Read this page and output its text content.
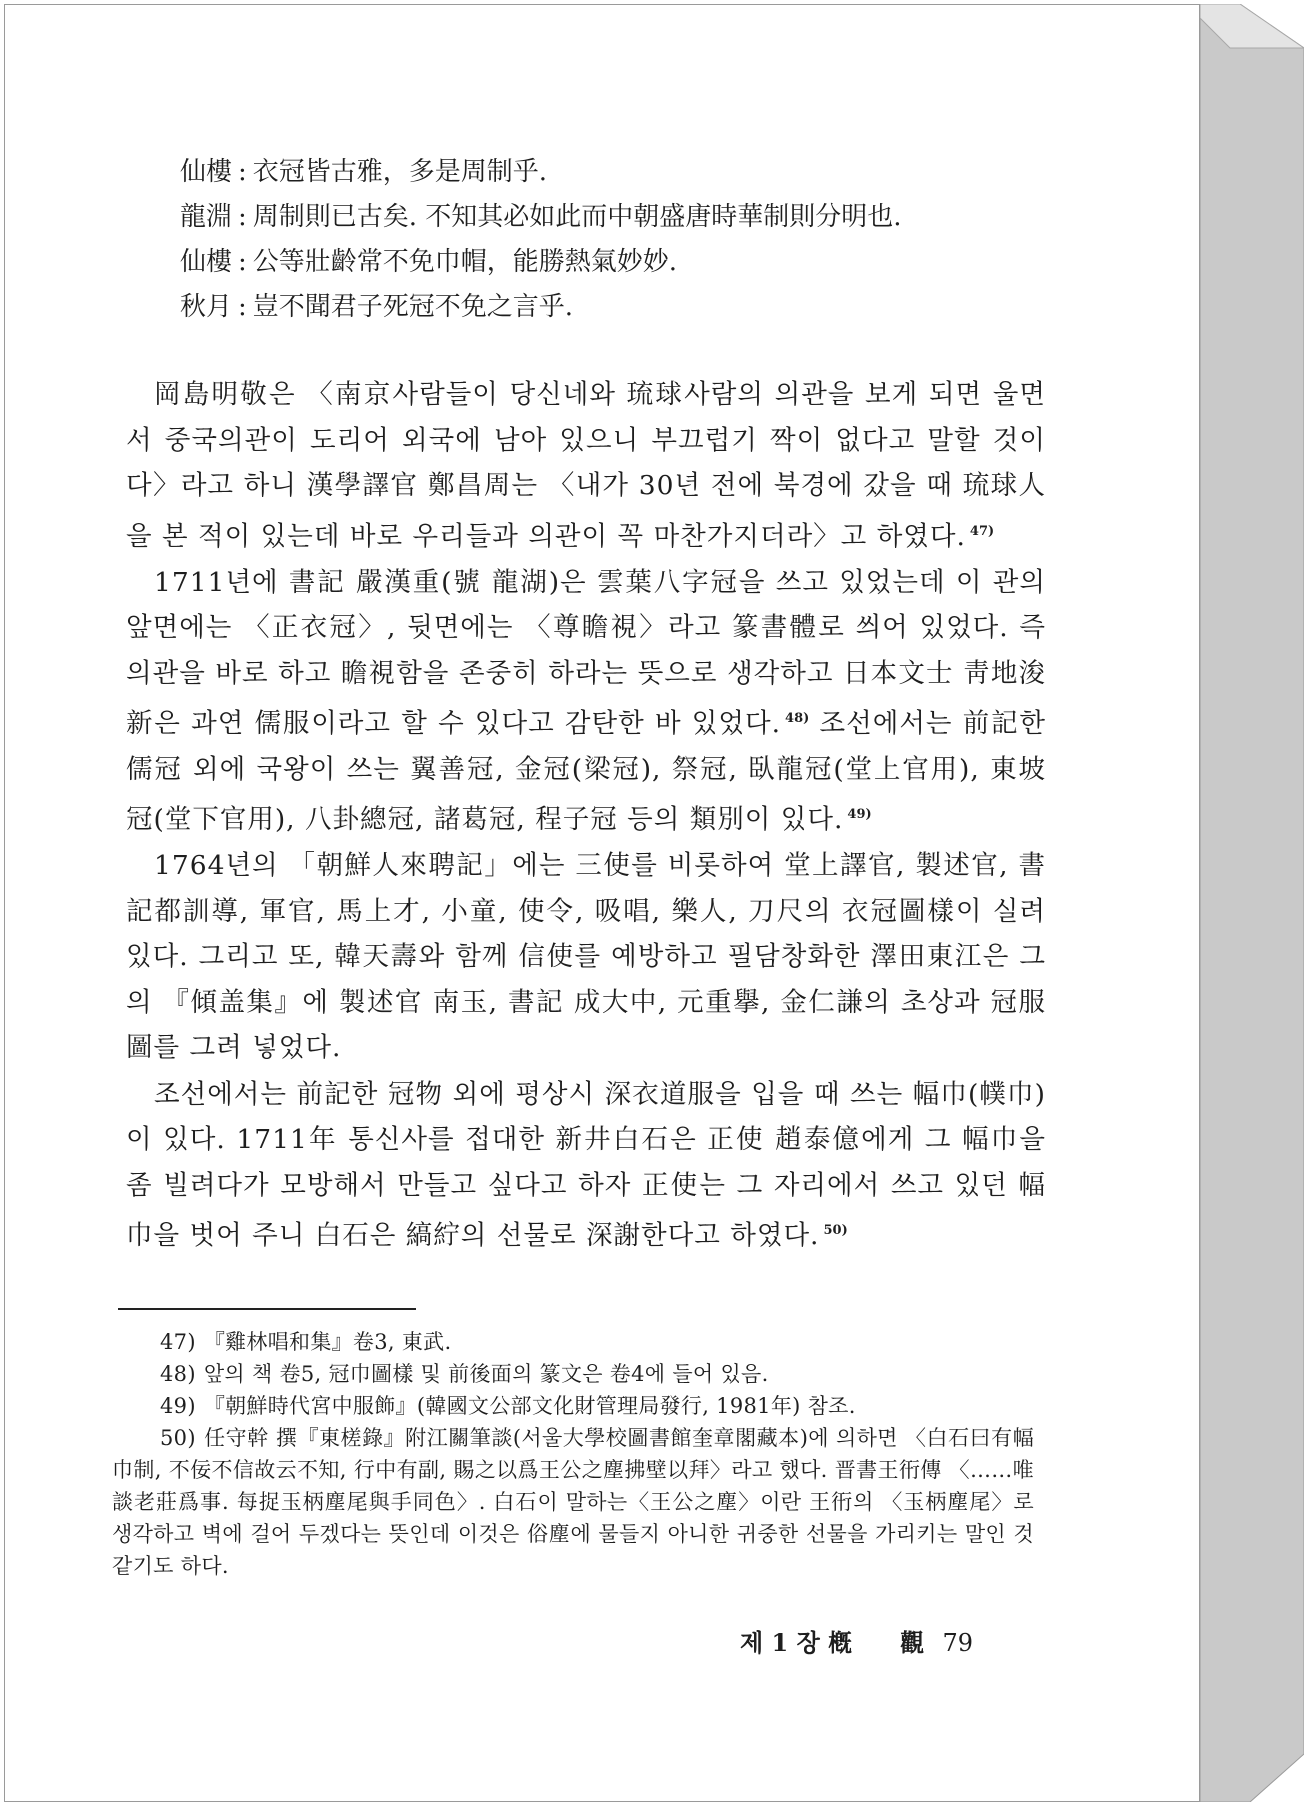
仙樓 : 衣冠皆古雅，多是周制乎.
龍淵 : 周制則已古矣. 不知其必如此而中朝盛唐時華制則分明也.
仙樓 : 公等壯齡常不免巾帽，能勝熱氣妙妙.
秋月 : 豈不聞君子死冠不免之言乎.

岡島明敬은 〈南京사람들이 당신네와 琉球사람의 의관을 보게 되면 울면서 중국의관이 도리어 외국에 남아 있으니 부끄럽기 짝이 없다고 말할 것이다〉라고 하니 漢學譯官 鄭昌周는 〈내가 30년 전에 북경에 갔을 때 琉球人을 본 적이 있는데 바로 우리들과 의관이 꼭 마찬가지더라〉고 하였다. $^{47)}$

1711년에 書記 嚴漢重(號 龍湖)은 雲葉八字冠을 쓰고 있었는데 이 관의 앞면에는 〈正衣冠〉, 뒷면에는 〈尊瞻視〉라고 篆書體로 씌어 있었다. 즉 의관을 바로 하고 瞻視함을 존중히 하라는 뜻으로 생각하고 日本文士 靑地浚新은 과연 儒服이라고 할 수 있다고 감탄한 바 있었다. $^{48)}$ 조선에서는 前記한 儒冠 외에 국왕이 쓰는 翼善冠, 金冠(梁冠), 祭冠, 臥龍冠(堂上官用), 東坡冠(堂下官用), 八卦總冠, 諸葛冠, 程子冠 등의 類別이 있다. $^{49)}$

1764년의 「朝鮮人來聘記」에는 三使를 비롯하여 堂上譯官, 製述官, 書記都訓導, 軍官, 馬上才, 小童, 使令, 吸唱, 樂人, 刀尺의 衣冠圖樣이 실려 있다. 그리고 또, 韓天壽와 함께 信使를 예방하고 필담창화한 澤田東江은 그의 『傾盖集』에 製述官 南玉, 書記 成大中, 元重擧, 金仁謙의 초상과 冠服圖를 그려 넣었다.

조선에서는 前記한 冠物 외에 평상시 深衣道服을 입을 때 쓰는 幅巾(幞巾)이 있다. 1711年 통신사를 접대한 新井白石은 正使 趙泰億에게 그 幅巾을 좀 빌려다가 모방해서 만들고 싶다고 하자 正使는 그 자리에서 쓰고 있던 幅巾을 벗어 주니 白石은 縞紵의 선물로 深謝한다고 하였다. $^{50)}$

47) 『雞林唱和集』卷3, 東武.

48) 앞의 책 卷5, 冠巾圖樣 및 前後面의 篆文은 卷4에 들어 있음.

49) 『朝鮮時代宮中服飾』(韓國文公部文化財管理局發行, 1981年) 참조.

50) 任守幹 撰『東槎錄』附江關筆談(서울大學校圖書館奎章閣藏本)에 의하면 〈白石曰有幅巾制, 不佞不信故云不知, 行中有副, 賜之以爲王公之塵拂壁以拜〉라고 했다. 晋書王衎傳 〈……唯談老莊爲事. 每捉玉柄塵尾與手同色〉. 白石이 말하는〈王公之塵〉이란 王衎의 〈玉柄塵尾〉로 생각하고 벽에 걸어 두겠다는 뜻인데 이것은 俗塵에 물들지 아니한 귀중한 선물을 가리키는 말인 것 같기도 하다.

제 1 장 槪　　觀 79
